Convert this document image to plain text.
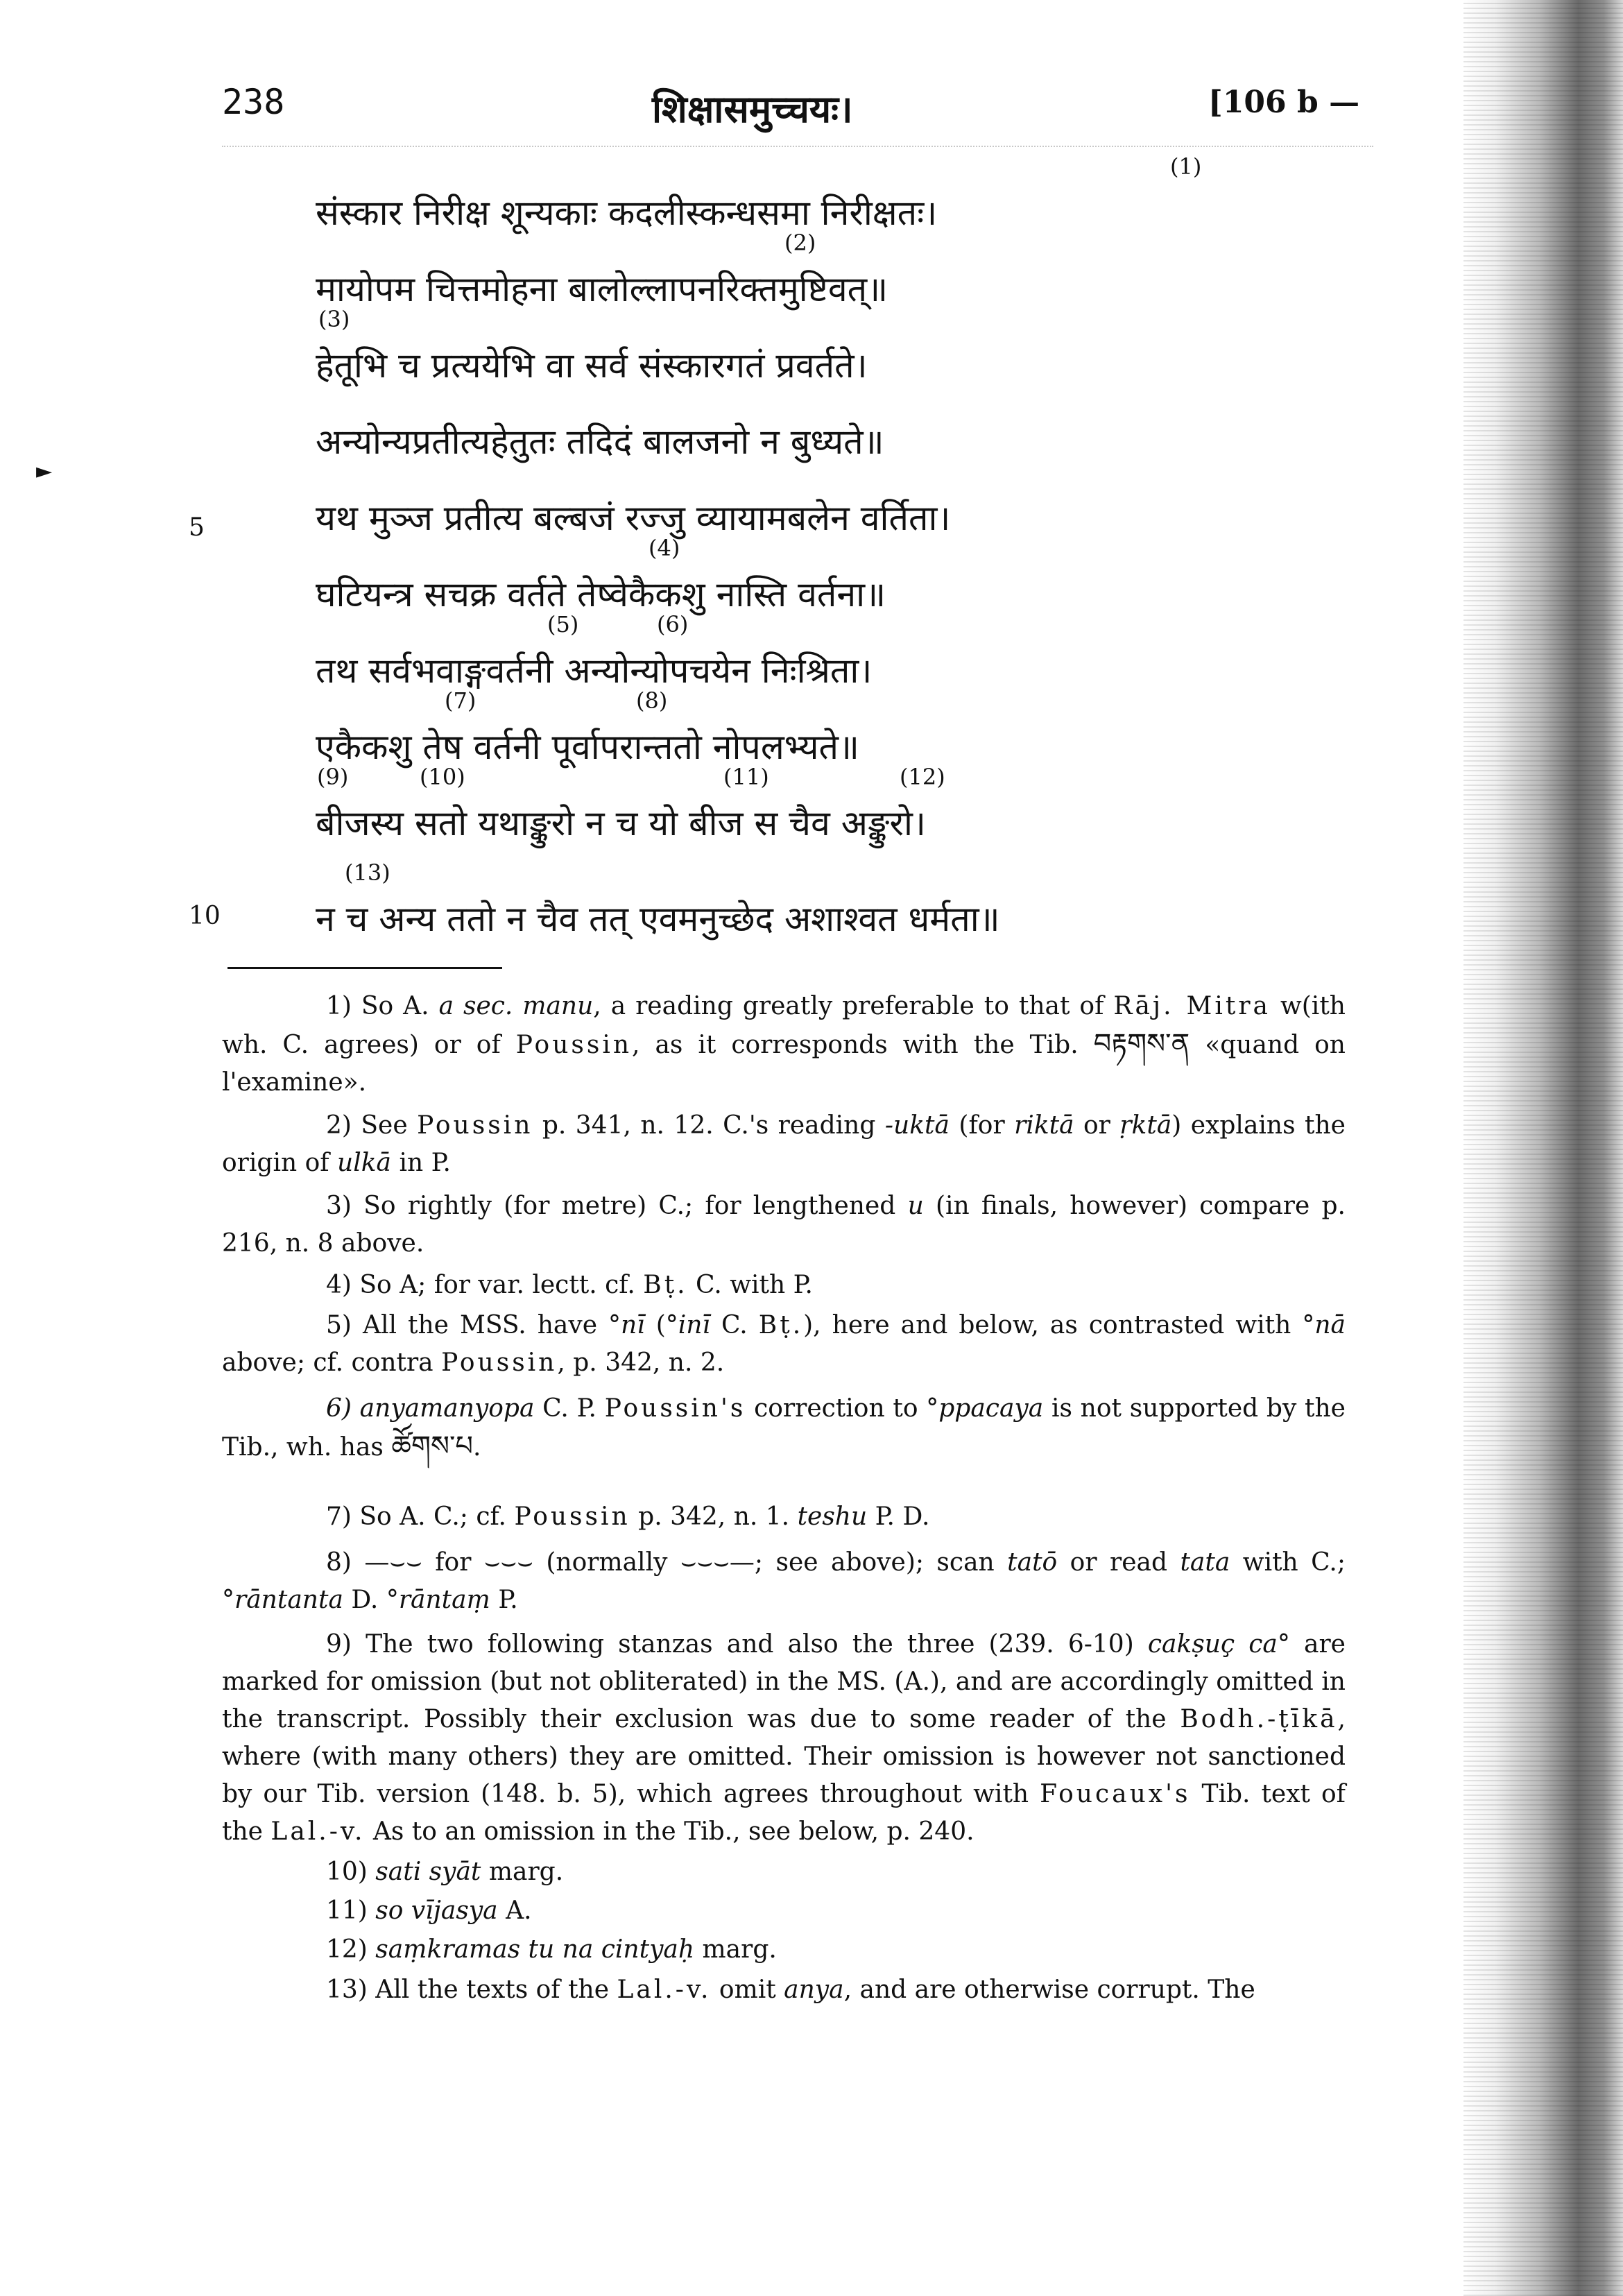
238	शिक्षासमुच्चयः।	[106 b —
►
5
10
संस्कार निरीक्ष शून्यकाः कदलीस्कन्धसमा निरीक्षतः।
(1)
मायोपम चित्तमोहना बालोल्लापनरिक्तमुष्टिवत्॥
(2)
हेतूभि च प्रत्ययेभि वा सर्व संस्कारगतं प्रवर्तते।
(3)
अन्योन्यप्रतीत्यहेतुतः तदिदं बालजनो न बुध्यते॥
यथ मुञ्ज प्रतीत्य बल्बजं रज्जु व्यायामबलेन वर्तिता।
घटियन्त्र सचक्र वर्तते तेष्वेकैकशु नास्ति वर्तना॥
(4)
तथ सर्वभवाङ्गवर्तनी अन्योन्योपचयेन निःश्रिता।
(5)	(6)
एकैकशु तेष वर्तनी पूर्वापरान्ततो नोपलभ्यते॥
(7)	(8)
बीजस्य सतो यथाङ्कुरो न च यो बीज स चैव अङ्कुरो।
(9)	(10)	(11)	(12)
न च अन्य ततो न चैव तत् एवमनुच्छेद अशाश्वत धर्मता॥
(13)
1) So A. a sec. manu, a reading greatly preferable to that of Rāj. Mitra w(ith wh. C. agrees) or of Poussin, as it corresponds with the Tib. བརྟགས་ན «quand on l'examine».
2) See Poussin p. 341, n. 12. C.'s reading -uktā (for riktā or ṛktā) explains the origin of ulkā in P.
3) So rightly (for metre) C.; for lengthened u (in finals, however) compare p. 216, n. 8 above.
4) So A; for var. lectt. cf. Bṭ. C. with P.
5) All the MSS. have °nī (°inī C. Bṭ.), here and below, as contrasted with °nā above; cf. contra Poussin, p. 342, n. 2.
6) anyamanyopa C. P. Poussin's correction to °ppacaya is not supported by the Tib., wh. has ཚོགས་པ.
7) So A. C.; cf. Poussin p. 342, n. 1. teshu P. D.
8) —⌣⌣ for ⌣⌣⌣ (normally ⌣⌣⌣—; see above); scan tatō or read tata with C.; °rāntanta D. °rāntaṃ P.
9) The two following stanzas and also the three (239. 6-10) cakṣuç ca° are marked for omission (but not obliterated) in the MS. (A.), and are accordingly omitted in the transcript. Possibly their exclusion was due to some reader of the Bodh.-ṭīkā, where (with many others) they are omitted. Their omission is however not sanctioned by our Tib. version (148. b. 5), which agrees throughout with Foucaux's Tib. text of the Lal.-v. As to an omission in the Tib., see below, p. 240.
10) sati syāt marg.
11) so vījasya A.
12) saṃkramas tu na cintyaḥ marg.
13) All the texts of the Lal.-v. omit anya, and are otherwise corrupt. The
